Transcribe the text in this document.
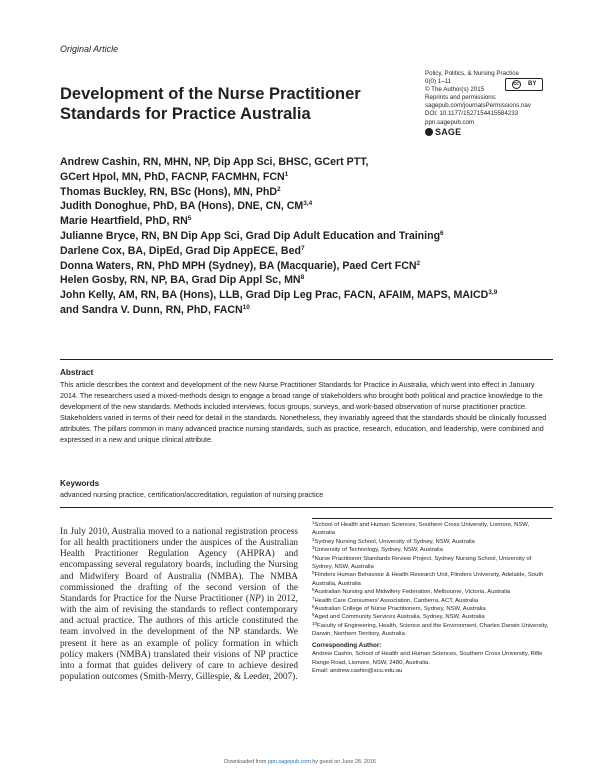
Original Article
Development of the Nurse Practitioner Standards for Practice Australia
Policy, Politics, & Nursing Practice
0(0) 1–11
© The Author(s) 2015
Reprints and permissions:
sagepub.com/journalsPermissions.nav
DOI: 10.1177/1527154415584233
ppn.sagepub.com
SAGE
cc BY
Andrew Cashin, RN, MHN, NP, Dip App Sci, BHSC, GCert PTT,
GCert Hpol, MN, PhD, FACNP, FACMHN, FCN$^1$
Thomas Buckley, RN, BSc (Hons), MN, PhD$^2$
Judith Donoghue, PhD, BA (Hons), DNE, CN, CM$^{3,4}$
Marie Heartfield, PhD, $RN^5$
Julianne Bryce, RN, BN Dip App Sci, Grad Dip Adult Education and Training$^6$
Darlene Cox, BA, DipEd, Grad Dip AppECE, Bed$^7$
Donna Waters, RN, PhD MPH (Sydney), BA (Macquarie), Paed Cert FCN$^2$
Helen Gosby, RN, NP, BA, Grad Dip Appl Sc, $MN^8$
John Kelly, AM, RN, BA (Hons), LLB, Grad Dip Leg Prac, FACN, AFAIM, MAPS, MAICD$^{3,9}$
and Sandra V. Dunn, RN, PhD, FACN$^{10}$
Abstract
This article describes the context and development of the new Nurse Practitioner Standards for Practice in Australia, which went into effect in January 2014. The researchers used a mixed-methods design to engage a broad range of stakeholders who brought both political and practice knowledge to the development of the new standards. Methods included interviews, focus groups, surveys, and work-based observation of nurse practitioner practice. Stakeholders varied in terms of their need for detail in the standards. Nonetheless, they invariably agreed that the standards should be clinically focussed attributes. The pillars common in many advanced practice nursing standards, such as practice, research, education, and leadership, were combined and expressed in a new and unique clinical attribute.
Keywords
advanced nursing practice, certification/accreditation, regulation of nursing practice
In July 2010, Australia moved to a national registration process for all health practitioners under the auspices of the Australian Health Practitioner Regulation Agency (AHPRA) and encompassing several regulatory boards, including the Nursing and Midwifery Board of Australia (NMBA). The NMBA commissioned the drafting of the second version of the Standards for Practice for the Nurse Practitioner (NP) in 2012, with the aim of revising the standards to reflect contemporary and actual practice. The authors of this article constituted the team involved in the development of the NP standards. We present it here as an example of policy formation in which policy makers (NMBA) translated their visions of NP practice into a format that guides delivery of care to achieve desired population outcomes (Smith-Merry, Gillespie, & Leeder, 2007).
$^1$School of Health and Human Sciences, Southern Cross University, Lismore, NSW, Australia
$^2$Sydney Nursing School, University of Sydney, NSW, Australia
$^3$University of Technology, Sydney, NSW, Australia
$^4$Nurse Practitioner Standards Review Project, Sydney Nursing School, University of Sydney, NSW, Australia
$^5$Flinders Human Behaviour & Health Research Unit, Flinders University, Adelaide, South Australia, Australia
$^6$Australian Nursing and Midwifery Federation, Melbourne, Victoria, Australia
$^7$Health Care Consumers' Association, Canberra, ACT, Australia
$^8$Australian College of Nurse Practitioners, Sydney, NSW, Australia
$^9$Aged and Community Services Australia, Sydney, NSW, Australia
$^{10}$Faculty of Engineering, Health, Science and the Environment, Charles Darwin University, Darwin, Northern Territory, Australia
Corresponding Author:
Andrew Cashin, School of Health and Human Sciences, Southern Cross University, Rifle Range Road, Lismore, NSW, 2480, Australia.
Email: andrew.cashin@scu.edu.au
Downloaded from ppn.sagepub.com by guest on June 28, 2016
